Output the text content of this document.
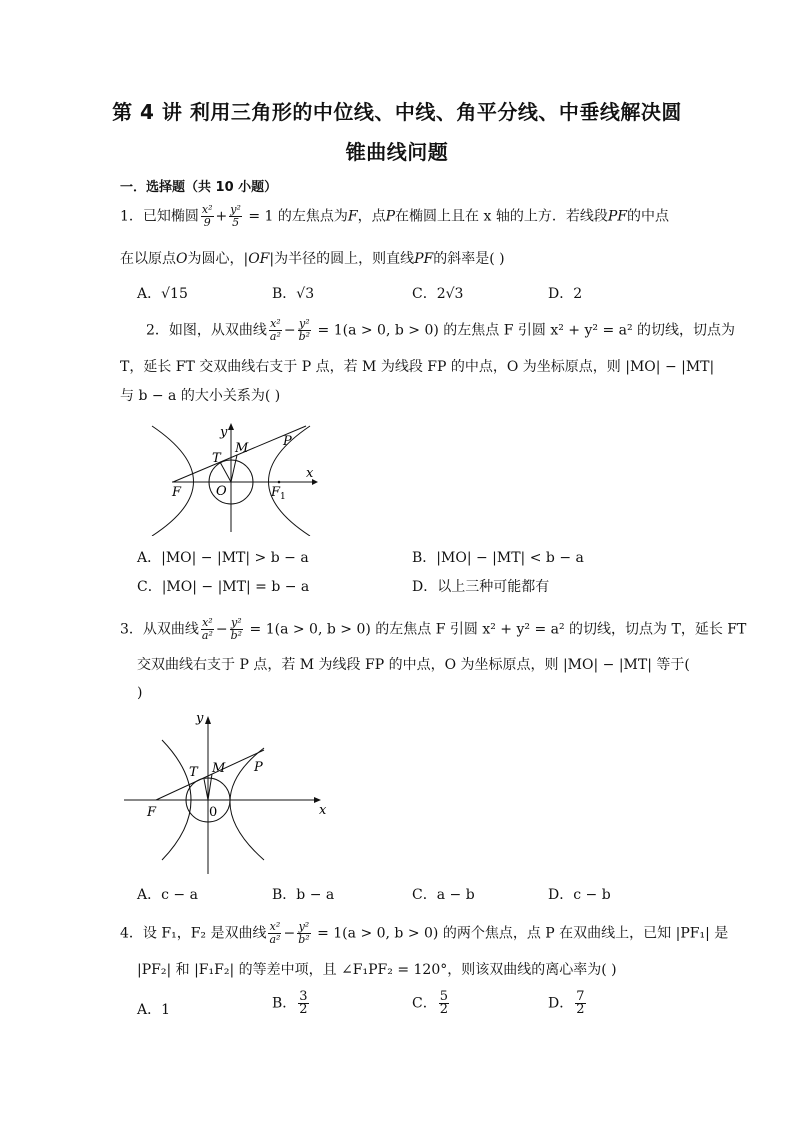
第 4 讲 利用三角形的中位线、中线、角平分线、中垂线解决圆
锥曲线问题
一．选择题（共 10 小题）
1．已知椭圆 $\frac{\text{x²}}{9} + \frac{\text{y²}}{5} = 1$ 的左焦点为F，点P在椭圆上且在 x 轴的上方．若线段PF的中点
在以原点O为圆心，|OF|为半径的圆上，则直线PF的斜率是( )
A．√15	B．√3	C．2√3	D．2
2．如图，从双曲线 $\frac{\text{x²}}{\text{a²}} - \frac{\text{y²}}{\text{b²}} = 1(a > 0$, b > 0) 的左焦点 F 引圆 x² + y² = a² 的切线，切点为
T，延长 FT 交双曲线右支于 P 点，若 M 为线段 FP 的中点，O 为坐标原点，则 |MO| − |MT|
与 b − a 的大小关系为( )
y
T
M	P
x
F	O	F 1
A．|MO| − |MT| > b − a	B．|MO| − |MT| < b − a
C．|MO| − |MT| = b − a	D．以上三种可能都有
3．从双曲线 $\frac{\text{x²}}{\text{a²}} - \frac{\text{y²}}{\text{b²}} = 1(a > 0$, b > 0) 的左焦点 F 引圆 x² + y² = a² 的切线，切点为 T，延长 FT
交双曲线右支于 P 点，若 M 为线段 FP 的中点，O 为坐标原点，则 |MO| − |MT| 等于(
)
y
T M P
F	0	x
A．c − a	B．b − a	C．a − b	D．c − b
4．设 F₁，F₂ 是双曲线 $\frac{\text{x²}}{\text{a²}} - \frac{\text{y²}}{\text{b²}} = 1(a > 0$, b > 0) 的两个焦点，点 P 在双曲线上，已知 |PF₁| 是
|PF₂| 和 |F₁F₂| 的等差中项，且 ∠F₁PF₂ = 120°，则该双曲线的离心率为( )
A．1	B． $\frac{3}{2}$	C． $\frac{5}{2}$	D． $\frac{7}{2}$
